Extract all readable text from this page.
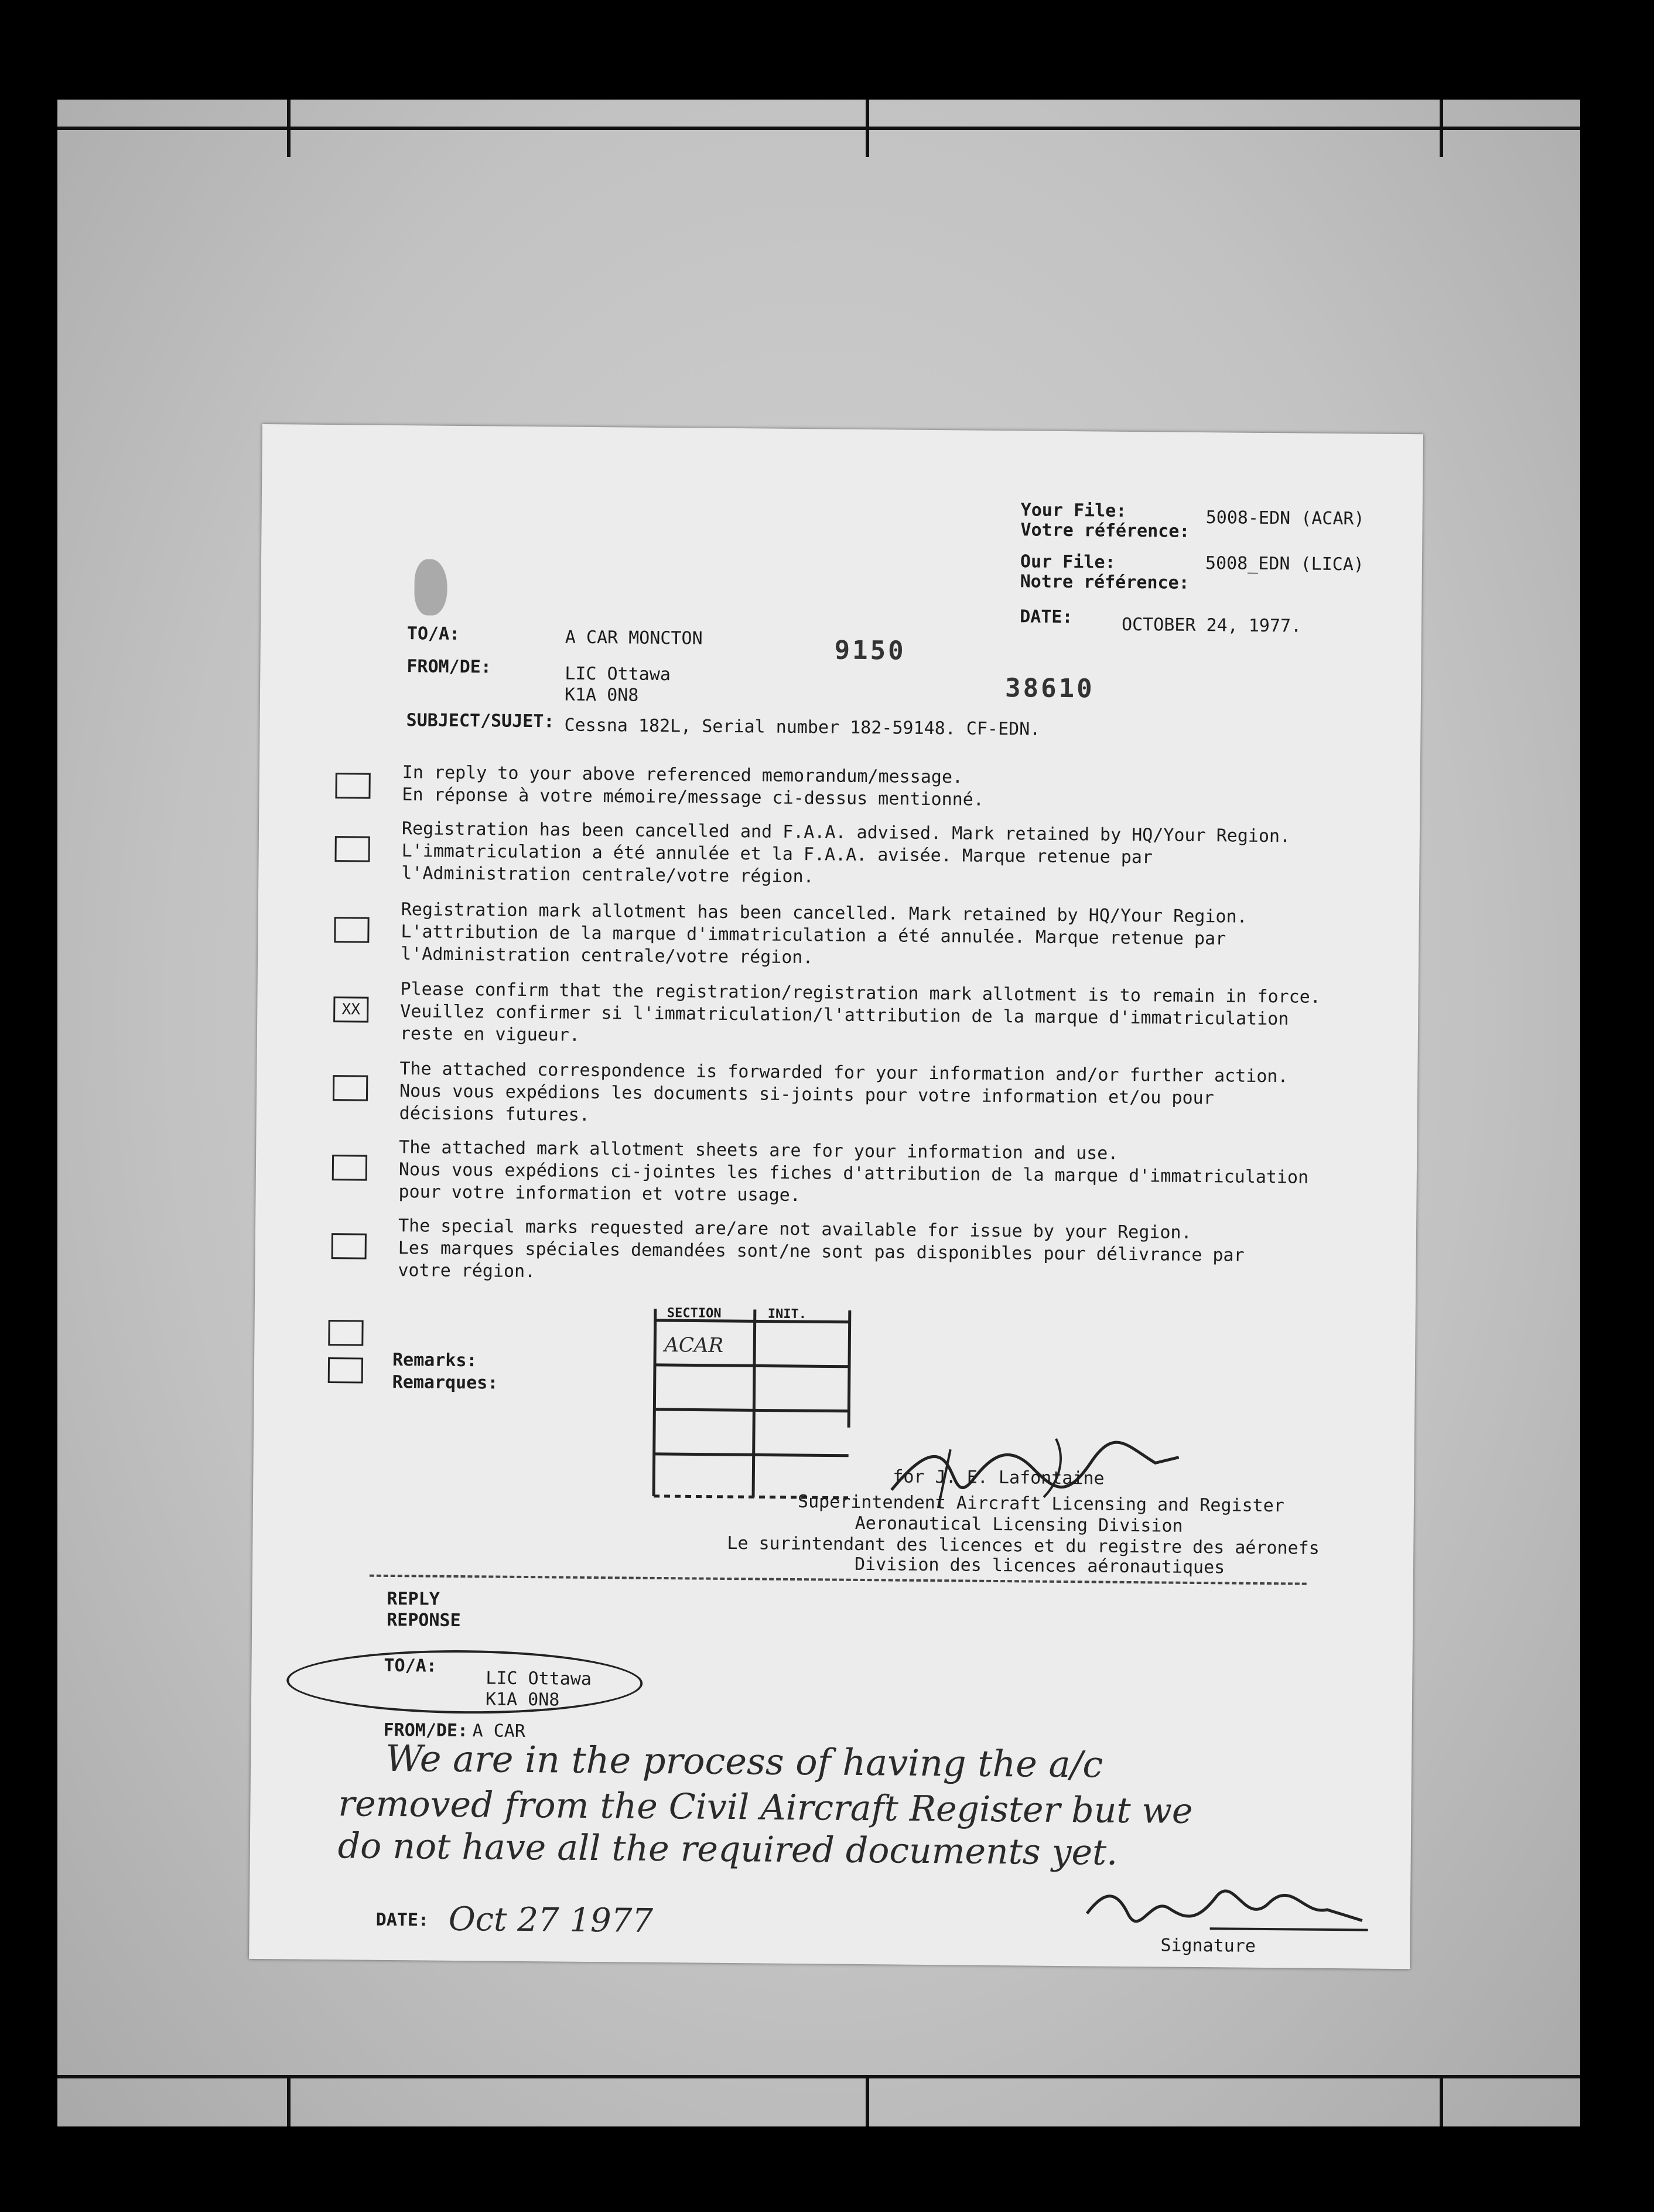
Your File:
Votre référence:
5008-EDN (ACAR)
Our File:
Notre référence:
5008_EDN (LICA)
DATE:	OCTOBER 24, 1977.
TO/A:	A CAR MONCTON
FROM/DE:	LIC Ottawa
K1A 0N8
9150
38610
SUBJECT/SUJET: Cessna 182L, Serial number 182-59148. CF-EDN.
In reply to your above referenced memorandum/message.
En réponse à votre mémoire/message ci-dessus mentionné.
Registration has been cancelled and F.A.A. advised. Mark retained by HQ/Your Region.
L'immatriculation a été annulée et la F.A.A. avisée. Marque retenue par
l'Administration centrale/votre région.
Registration mark allotment has been cancelled. Mark retained by HQ/Your Region.
L'attribution de la marque d'immatriculation a été annulée. Marque retenue par
l'Administration centrale/votre région.
XX
Please confirm that the registration/registration mark allotment is to remain in force.
Veuillez confirmer si l'immatriculation/l'attribution de la marque d'immatriculation
reste en vigueur.
The attached correspondence is forwarded for your information and/or further action.
Nous vous expédions les documents si-joints pour votre information et/ou pour
décisions futures.
The attached mark allotment sheets are for your information and use.
Nous vous expédions ci-jointes les fiches d'attribution de la marque d'immatriculation
pour votre information et votre usage.
The special marks requested are/are not available for issue by your Region.
Les marques spéciales demandées sont/ne sont pas disponibles pour délivrance par
votre région.
Remarks:
Remarques:
SECTION	INIT.
ACAR
for J. E. Lafontaine
Superintendent Aircraft Licensing and Register
Aeronautical Licensing Division
Le surintendant des licences et du registre des aéronefs
Division des licences aéronautiques
REPLY
REPONSE
TO/A:
LIC Ottawa
K1A 0N8
FROM/DE: A CAR
We are in the process of having the a/c
removed from the Civil Aircraft Register but we
do not have all the required documents yet.
DATE: Oct 27 1977
Signature
